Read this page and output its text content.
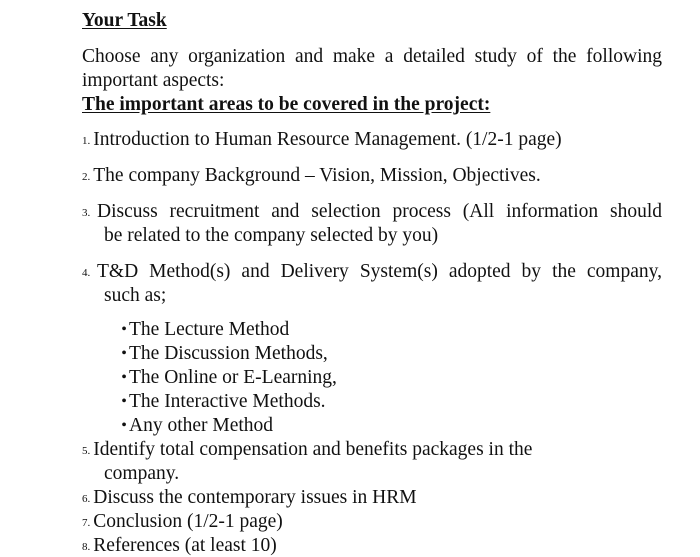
Your Task
Choose any organization and make a detailed study of the following
important aspects:
The important areas to be covered in the project:
1. Introduction to Human Resource Management. (1/2-1 page)
2. The company Background – Vision, Mission, Objectives.
3. Discuss recruitment and selection process (All information should
be related to the company selected by you)
4. T&D Method(s) and Delivery System(s) adopted by the company,
such as;
• The Lecture Method
• The Discussion Methods,
• The Online or E-Learning,
• The Interactive Methods.
• Any other Method
5. Identify total compensation and benefits packages in the
company.
6. Discuss the contemporary issues in HRM
7. Conclusion (1/2-1 page)
8. References (at least 10)
